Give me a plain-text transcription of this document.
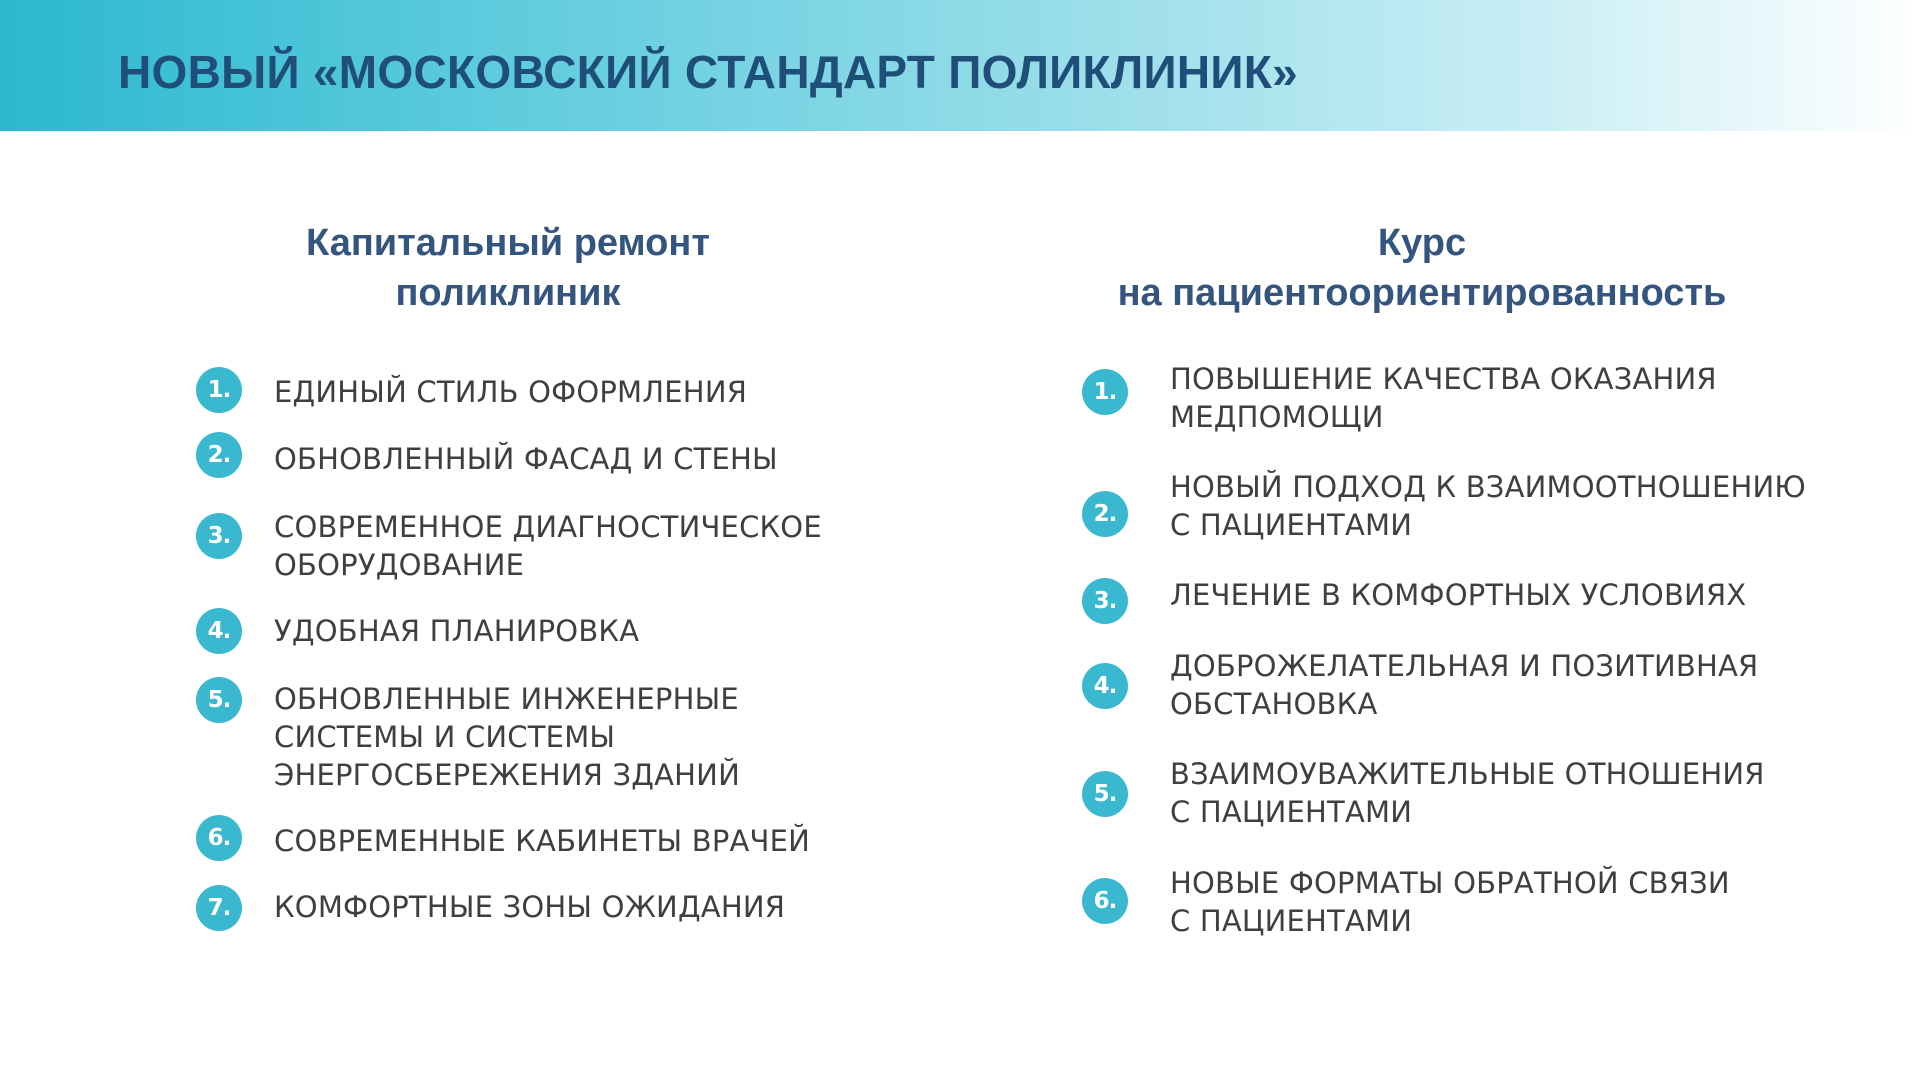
НОВЫЙ «МОСКОВСКИЙ СТАНДАРТ ПОЛИКЛИНИК»
Капитальный ремонт
поликлиник
1.	ЕДИНЫЙ СТИЛЬ ОФОРМЛЕНИЯ
2.	ОБНОВЛЕННЫЙ ФАСАД И СТЕНЫ
3.	СОВРЕМЕННОЕ ДИАГНОСТИЧЕСКОЕ
ОБОРУДОВАНИЕ
4.	УДОБНАЯ ПЛАНИРОВКА
5.	ОБНОВЛЕННЫЕ ИНЖЕНЕРНЫЕ
СИСТЕМЫ И СИСТЕМЫ
ЭНЕРГОСБЕРЕЖЕНИЯ ЗДАНИЙ
6.	СОВРЕМЕННЫЕ КАБИНЕТЫ ВРАЧЕЙ
7.	КОМФОРТНЫЕ ЗОНЫ ОЖИДАНИЯ
Курс
на пациентоориентированность
1.	ПОВЫШЕНИЕ КАЧЕСТВА ОКАЗАНИЯ
МЕДПОМОЩИ
2.
НОВЫЙ ПОДХОД К ВЗАИМООТНОШЕНИЮ
С ПАЦИЕНТАМИ
3.	ЛЕЧЕНИЕ В КОМФОРТНЫХ УСЛОВИЯХ
4.
ДОБРОЖЕЛАТЕЛЬНАЯ И ПОЗИТИВНАЯ
ОБСТАНОВКА
5.
ВЗАИМОУВАЖИТЕЛЬНЫЕ ОТНОШЕНИЯ
С ПАЦИЕНТАМИ
6.
НОВЫЕ ФОРМАТЫ ОБРАТНОЙ СВЯЗИ
С ПАЦИЕНТАМИ
